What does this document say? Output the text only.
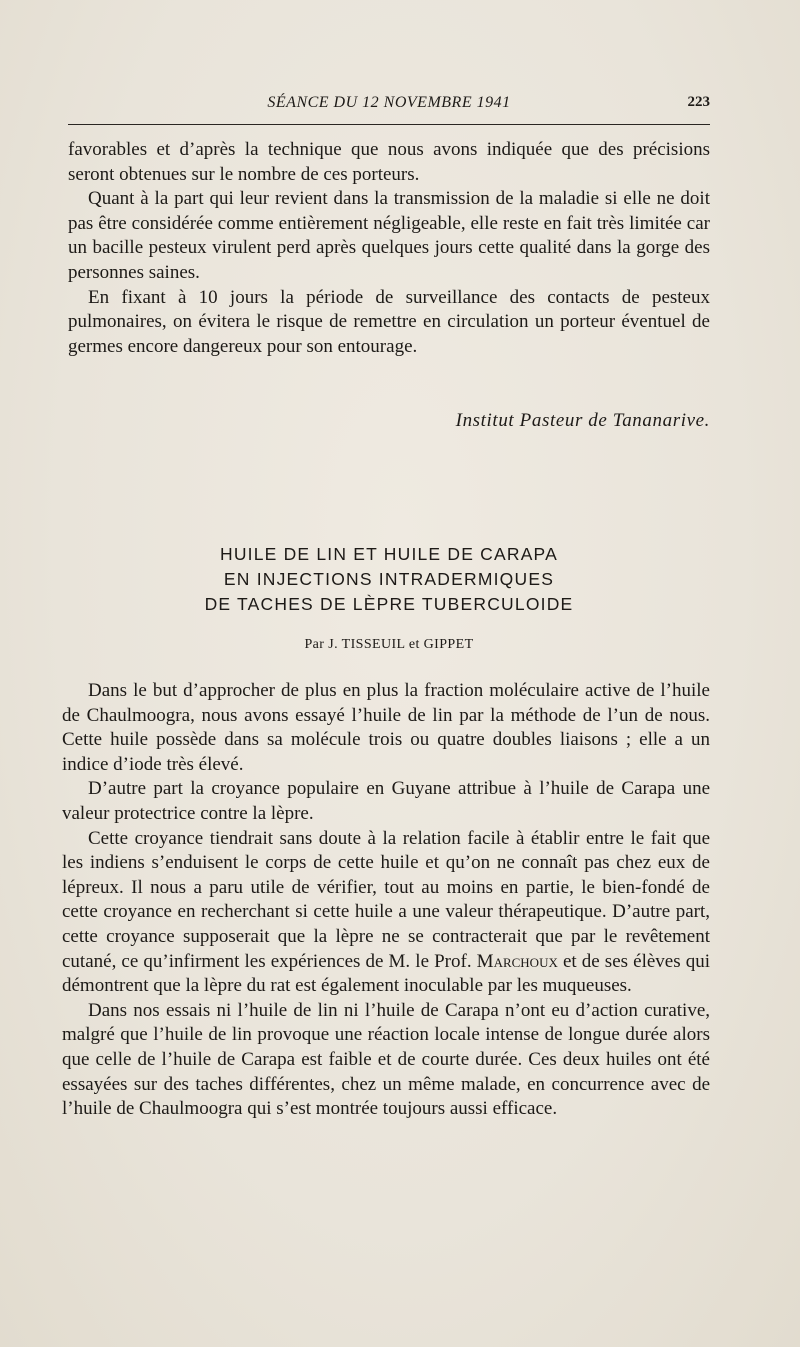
SÉANCE DU 12 NOVEMBRE 1941	223

favorables et d’après la technique que nous avons indiquée que des précisions seront obtenues sur le nombre de ces porteurs.

Quant à la part qui leur revient dans la transmission de la maladie si elle ne doit pas être considérée comme entièrement négligeable, elle reste en fait très limitée car un bacille pesteux virulent perd après quelques jours cette qualité dans la gorge des personnes saines.

En fixant à 10 jours la période de surveillance des contacts de pesteux pulmonaires, on évitera le risque de remettre en circulation un porteur éventuel de germes encore dangereux pour son entourage.

Institut Pasteur de Tananarive.
HUILE DE LIN ET HUILE DE CARAPA
EN INJECTIONS INTRADERMIQUES
DE TACHES DE LÈPRE TUBERCULOIDE
Par J. TISSEUIL et GIPPET

Dans le but d’approcher de plus en plus la fraction moléculaire active de l’huile de Chaulmoogra, nous avons essayé l’huile de lin par la méthode de l’un de nous. Cette huile possède dans sa molécule trois ou quatre doubles liaisons ; elle a un indice d’iode très élevé.

D’autre part la croyance populaire en Guyane attribue à l’huile de Carapa une valeur protectrice contre la lèpre.

Cette croyance tiendrait sans doute à la relation facile à établir entre le fait que les indiens s’enduisent le corps de cette huile et qu’on ne connaît pas chez eux de lépreux. Il nous a paru utile de vérifier, tout au moins en partie, le bien-fondé de cette croyance en recherchant si cette huile a une valeur thérapeutique. D’autre part, cette croyance supposerait que la lèpre ne se contracterait que par le revêtement cutané, ce qu’infirment les expériences de M. le Prof. Marchoux et de ses élèves qui démontrent que la lèpre du rat est également inoculable par les muqueuses.

Dans nos essais ni l’huile de lin ni l’huile de Carapa n’ont eu d’action curative, malgré que l’huile de lin provoque une réaction locale intense de longue durée alors que celle de l’huile de Carapa est faible et de courte durée. Ces deux huiles ont été essayées sur des taches différentes, chez un même malade, en concurrence avec de l’huile de Chaulmoogra qui s’est montrée toujours aussi efficace.
